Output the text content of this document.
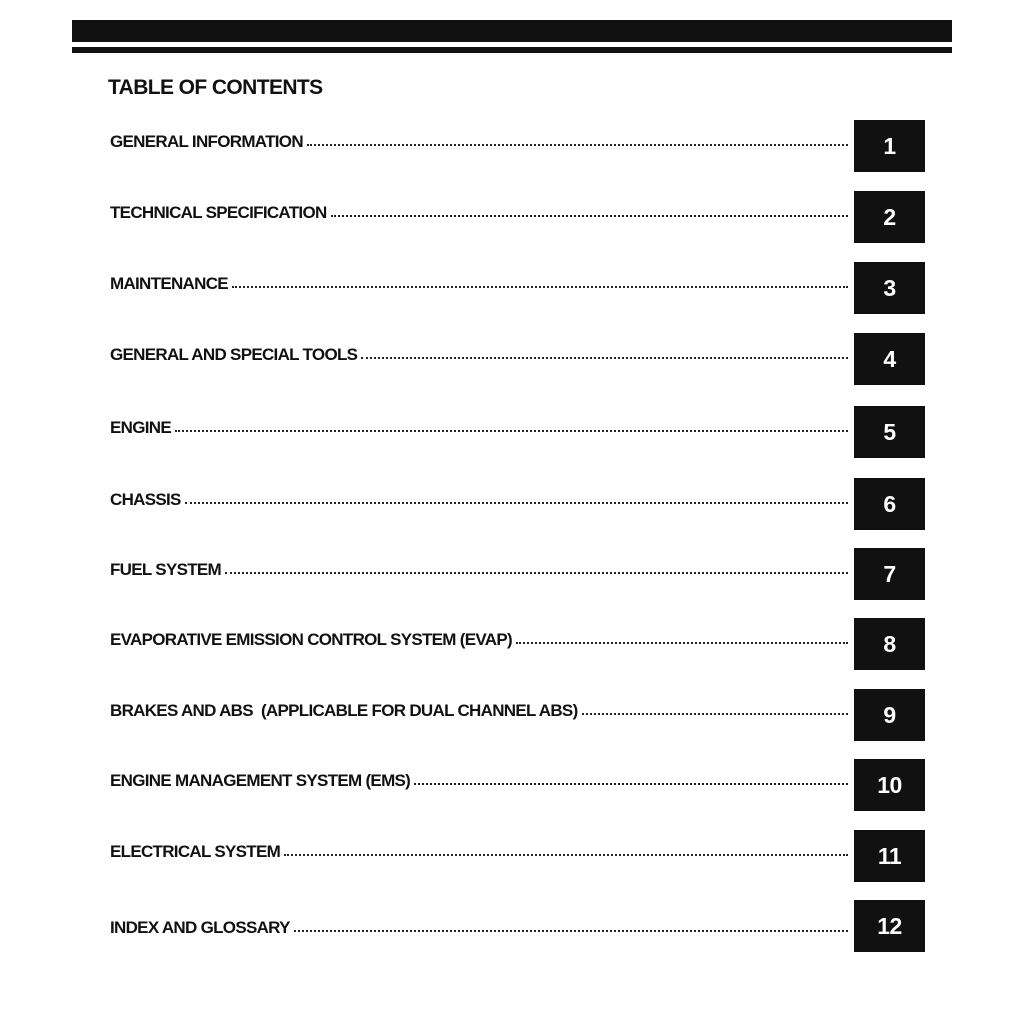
TABLE OF CONTENTS
GENERAL INFORMATION	1
TECHNICAL SPECIFICATION	2
MAINTENANCE	3
GENERAL AND SPECIAL TOOLS	4
ENGINE	5
CHASSIS	6
FUEL SYSTEM	7
EVAPORATIVE EMISSION CONTROL SYSTEM (EVAP)	8
BRAKES AND ABS  (APPLICABLE FOR DUAL CHANNEL ABS)	9
ENGINE MANAGEMENT SYSTEM (EMS)	10
ELECTRICAL SYSTEM	11
INDEX AND GLOSSARY	12
